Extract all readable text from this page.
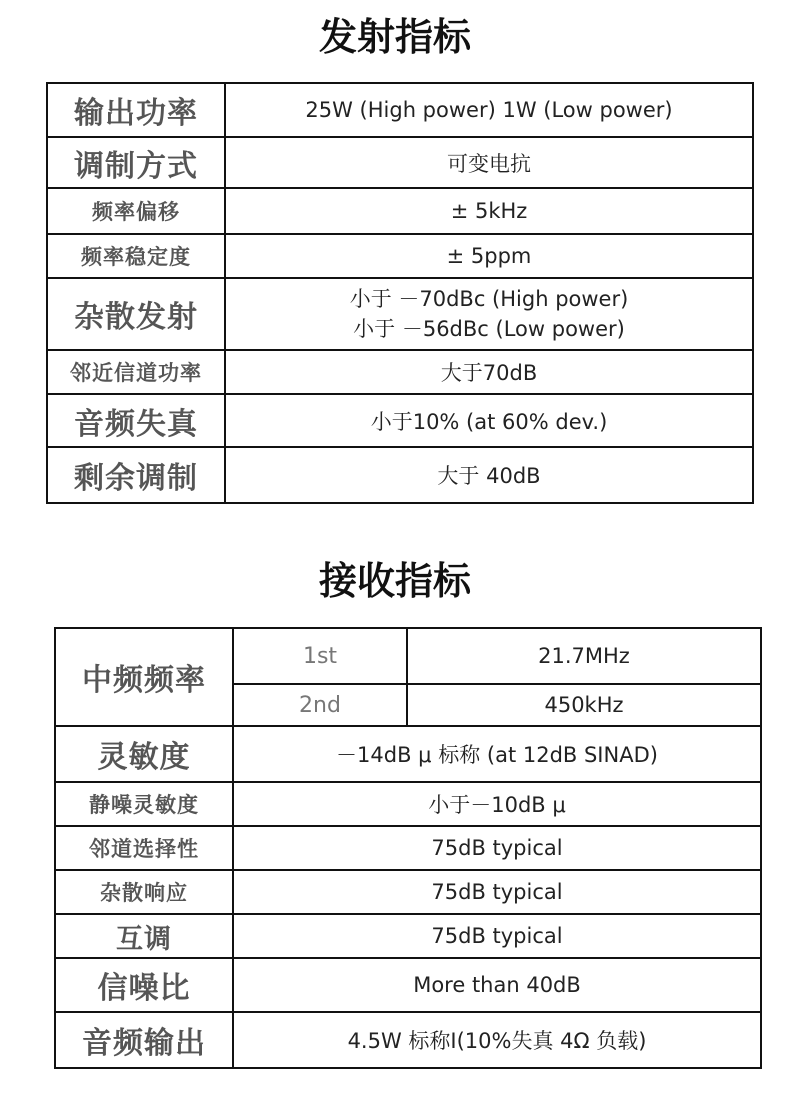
发射指标
输出功率	25W (High power) 1W (Low power)
调制方式	可变电抗
频率偏移	± 5kHz
频率稳定度	± 5ppm
杂散发射	小于 －70dBc (High power)
小于 －56dBc (Low power)

邻近信道功率	大于70dB
音频失真	小于10% (at 60% dev.)
剩余调制	大于 40dB
接收指标
中频频率	1st	21.7MHz
	2nd	450kHz
灵敏度	－14dB μ 标称 (at 12dB SINAD)	
静噪灵敏度	小于－10dB μ	
邻道选择性	75dB typical	
杂散响应	75dB typical	
互调	75dB typical	
信噪比	More than 40dB	
音频输出	4.5W 标称I(10%失真 4Ω 负载)	
